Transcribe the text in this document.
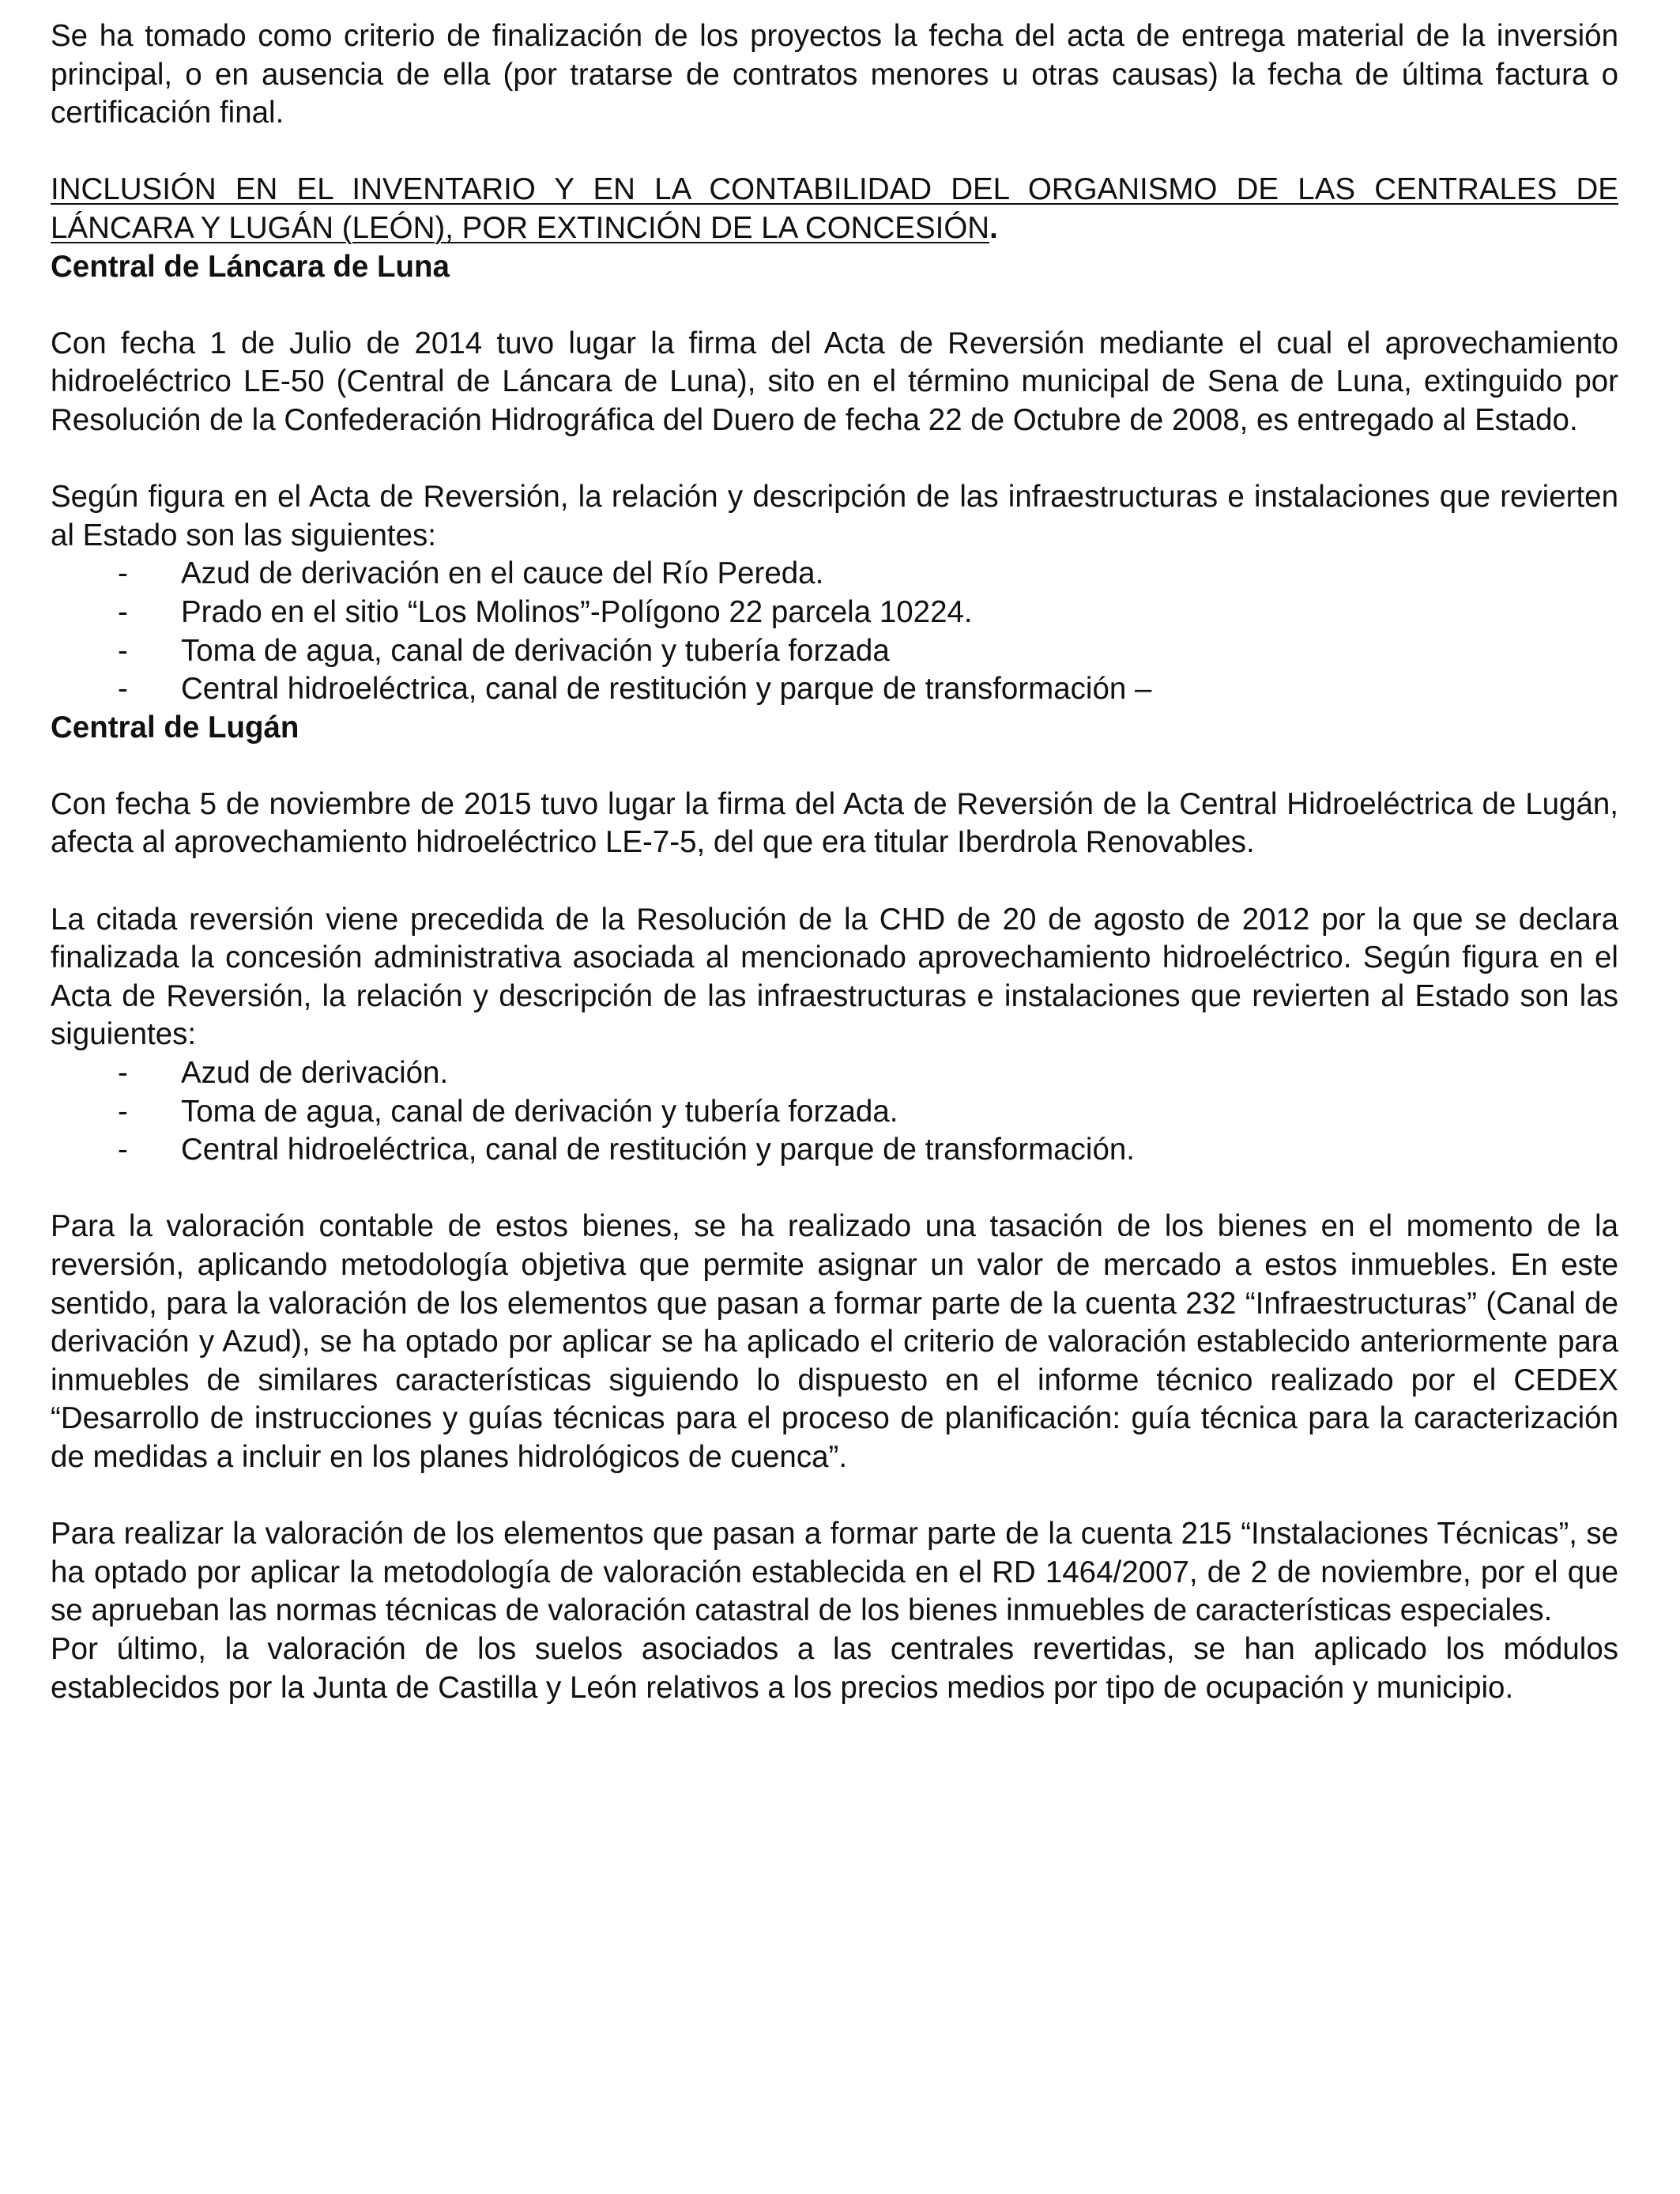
Se ha tomado como criterio de finalización de los proyectos la fecha del acta de entrega material de la inversión principal, o en ausencia de ella (por tratarse de contratos menores u otras causas) la fecha de última factura o certificación final.

INCLUSIÓN EN EL INVENTARIO Y EN LA CONTABILIDAD DEL ORGANISMO DE LAS CENTRALES DE LÁNCARA Y LUGÁN (LEÓN), POR EXTINCIÓN DE LA CONCESIÓN.

Central de Láncara de Luna

Con fecha 1 de Julio de 2014 tuvo lugar la firma del Acta de Reversión mediante el cual el aprovechamiento hidroeléctrico LE-50 (Central de Láncara de Luna), sito en el término municipal de Sena de Luna, extinguido por Resolución de la Confederación Hidrográfica del Duero de fecha 22 de Octubre de 2008, es entregado al Estado.

Según figura en el Acta de Reversión, la relación y descripción de las infraestructuras e instalaciones que revierten al Estado son las siguientes:

- Azud de derivación en el cauce del Río Pereda.
- Prado en el sitio “Los Molinos”-Polígono 22 parcela 10224.
- Toma de agua, canal de derivación y tubería forzada
- Central hidroeléctrica, canal de restitución y parque de transformación –
Central de Lugán

Con fecha 5 de noviembre de 2015 tuvo lugar la firma del Acta de Reversión de la Central Hidroeléctrica de Lugán, afecta al aprovechamiento hidroeléctrico LE-7-5, del que era titular Iberdrola Renovables.

La citada reversión viene precedida de la Resolución de la CHD de 20 de agosto de 2012 por la que se declara finalizada la concesión administrativa asociada al mencionado aprovechamiento hidroeléctrico. Según figura en el Acta de Reversión, la relación y descripción de las infraestructuras e instalaciones que revierten al Estado son las siguientes:

- Azud de derivación.
- Toma de agua, canal de derivación y tubería forzada.
- Central hidroeléctrica, canal de restitución y parque de transformación.

Para la valoración contable de estos bienes, se ha realizado una tasación de los bienes en el momento de la reversión, aplicando metodología objetiva que permite asignar un valor de mercado a estos inmuebles. En este sentido, para la valoración de los elementos que pasan a formar parte de la cuenta 232 “Infraestructuras” (Canal de derivación y Azud), se ha optado por aplicar se ha aplicado el criterio de valoración establecido anteriormente para inmuebles de similares características siguiendo lo dispuesto en el informe técnico realizado por el CEDEX “Desarrollo de instrucciones y guías técnicas para el proceso de planificación: guía técnica para la caracterización de medidas a incluir en los planes hidrológicos de cuenca”.

Para realizar la valoración de los elementos que pasan a formar parte de la cuenta 215 “Instalaciones Técnicas”, se ha optado por aplicar la metodología de valoración establecida en el RD 1464/2007, de 2 de noviembre, por el que se aprueban las normas técnicas de valoración catastral de los bienes inmuebles de características especiales.

Por último, la valoración de los suelos asociados a las centrales revertidas, se han aplicado los módulos establecidos por la Junta de Castilla y León relativos a los precios medios por tipo de ocupación y municipio.
